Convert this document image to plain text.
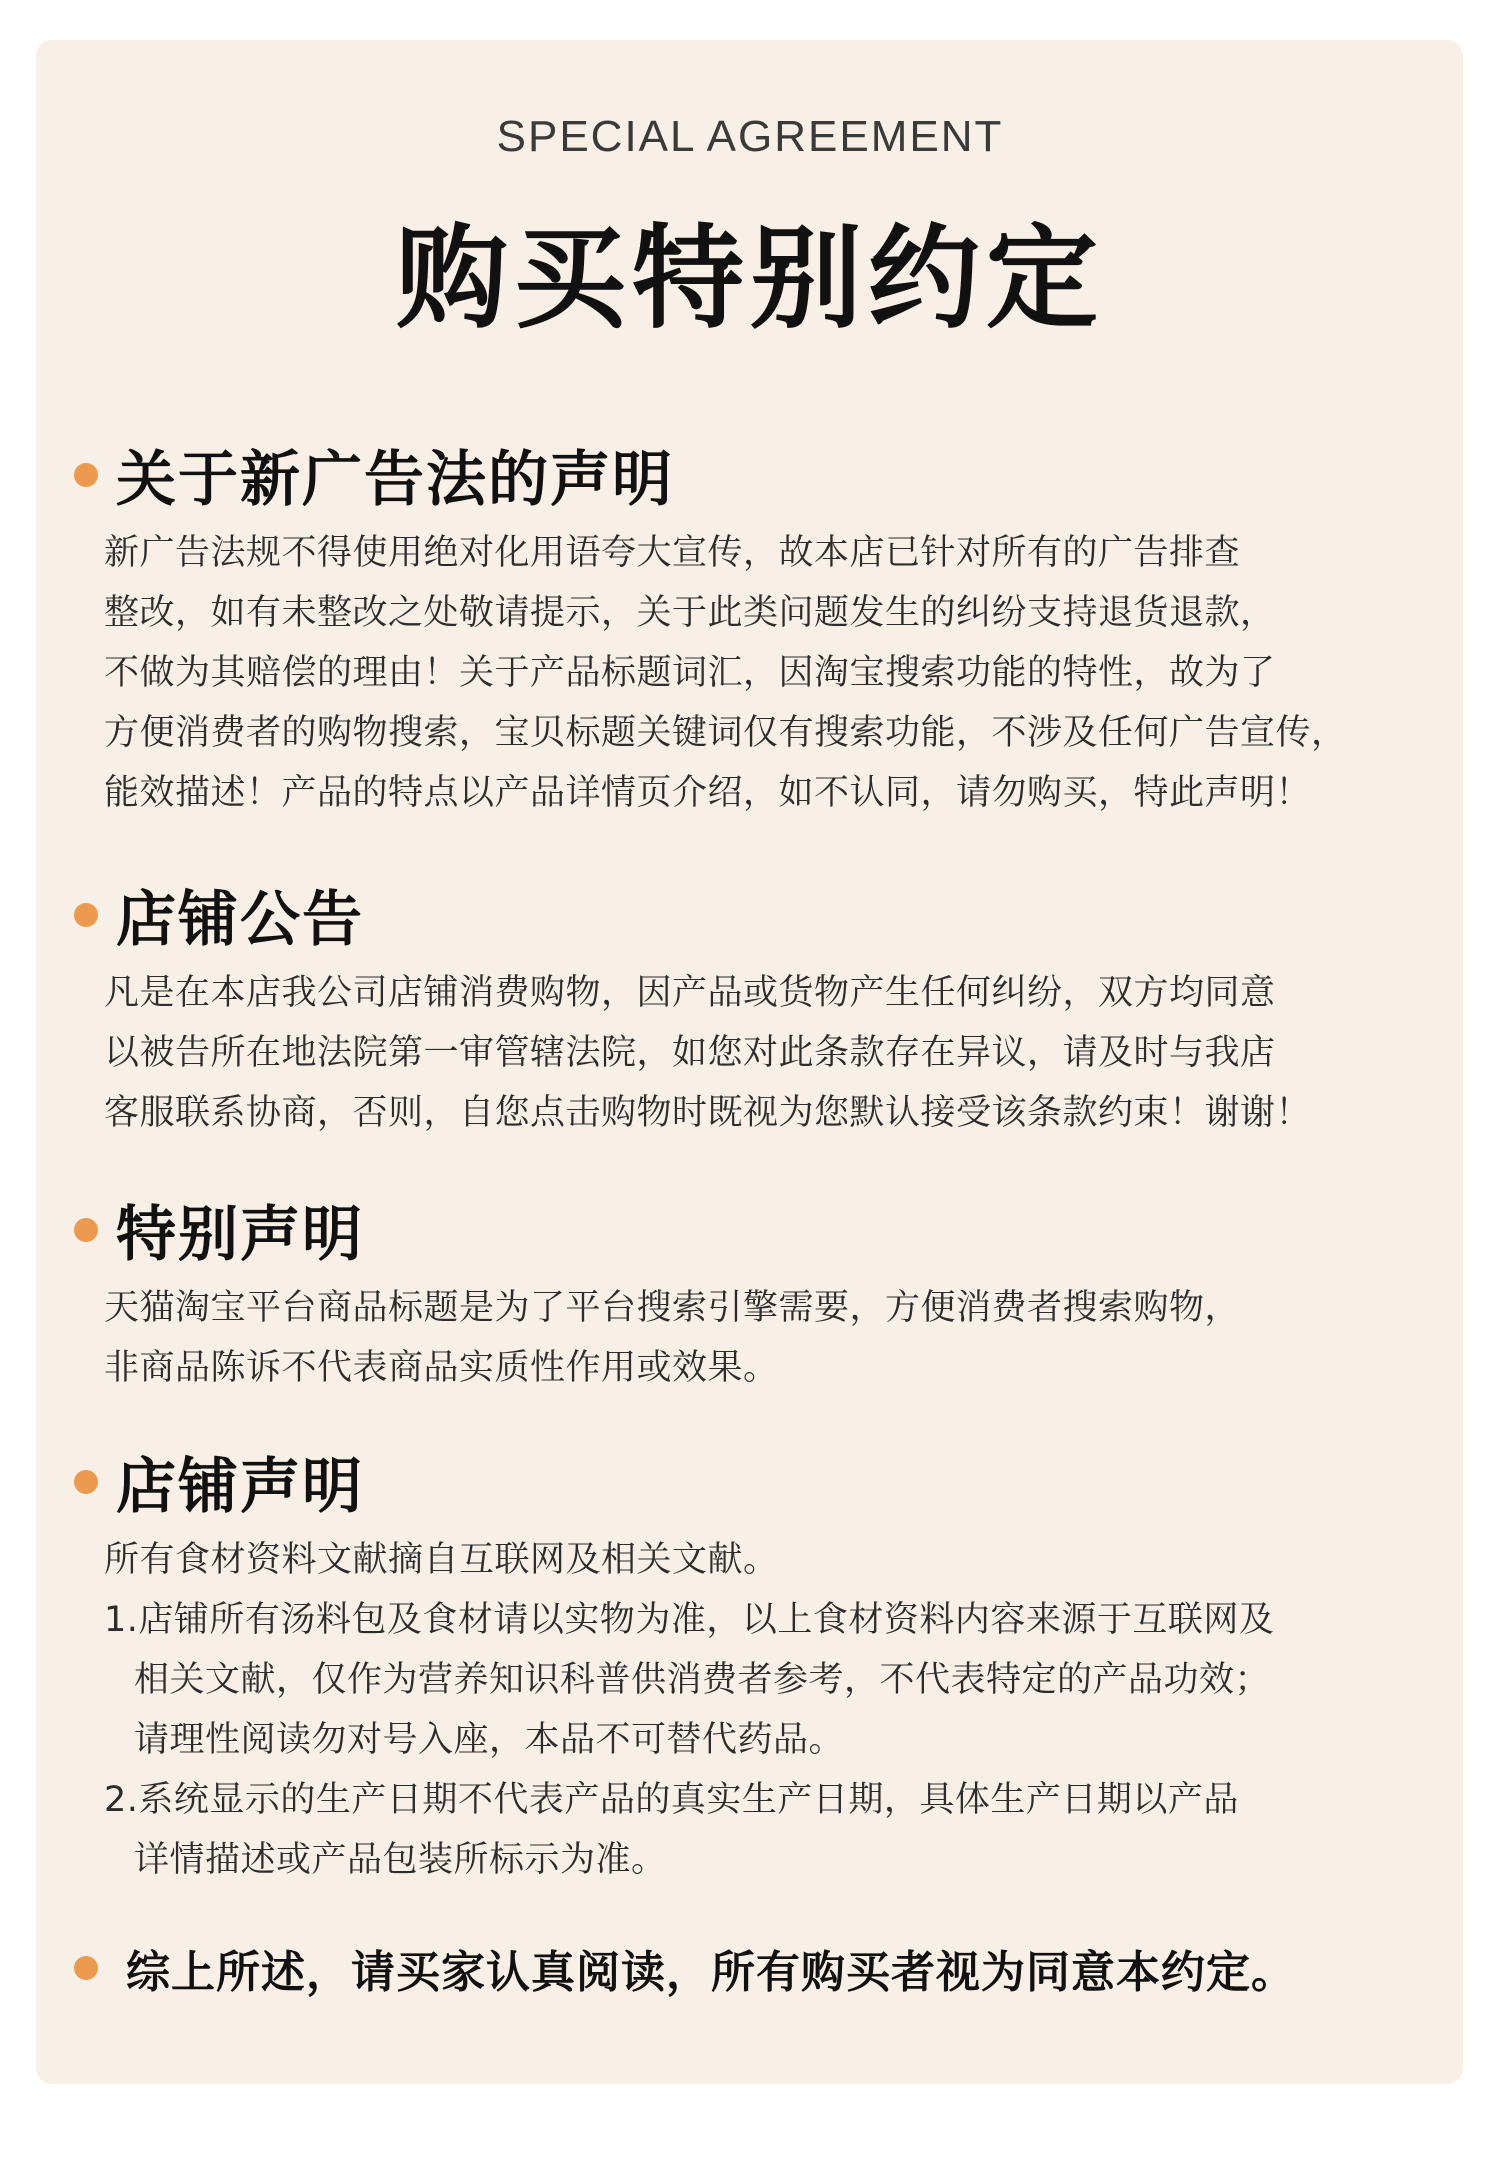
SPECIAL AGREEMENT
购买特别约定
关于新广告法的声明
新广告法规不得使用绝对化用语夸大宣传，故本店已针对所有的广告排查
整改，如有未整改之处敬请提示，关于此类问题发生的纠纷支持退货退款，
不做为其赔偿的理由！关于产品标题词汇，因淘宝搜索功能的特性，故为了
方便消费者的购物搜索，宝贝标题关键词仅有搜索功能，不涉及任何广告宣传，
能效描述！产品的特点以产品详情页介绍，如不认同，请勿购买，特此声明！
店铺公告
凡是在本店我公司店铺消费购物，因产品或货物产生任何纠纷，双方均同意
以被告所在地法院第一审管辖法院，如您对此条款存在异议，请及时与我店
客服联系协商，否则，自您点击购物时既视为您默认接受该条款约束！谢谢！
特别声明
天猫淘宝平台商品标题是为了平台搜索引擎需要，方便消费者搜索购物，
非商品陈诉不代表商品实质性作用或效果。
店铺声明
所有食材资料文献摘自互联网及相关文献。
1.店铺所有汤料包及食材请以实物为准，以上食材资料内容来源于互联网及
相关文献，仅作为营养知识科普供消费者参考，不代表特定的产品功效；
请理性阅读勿对号入座，本品不可替代药品。
2.系统显示的生产日期不代表产品的真实生产日期，具体生产日期以产品
详情描述或产品包装所标示为准。
综上所述，请买家认真阅读，所有购买者视为同意本约定。
